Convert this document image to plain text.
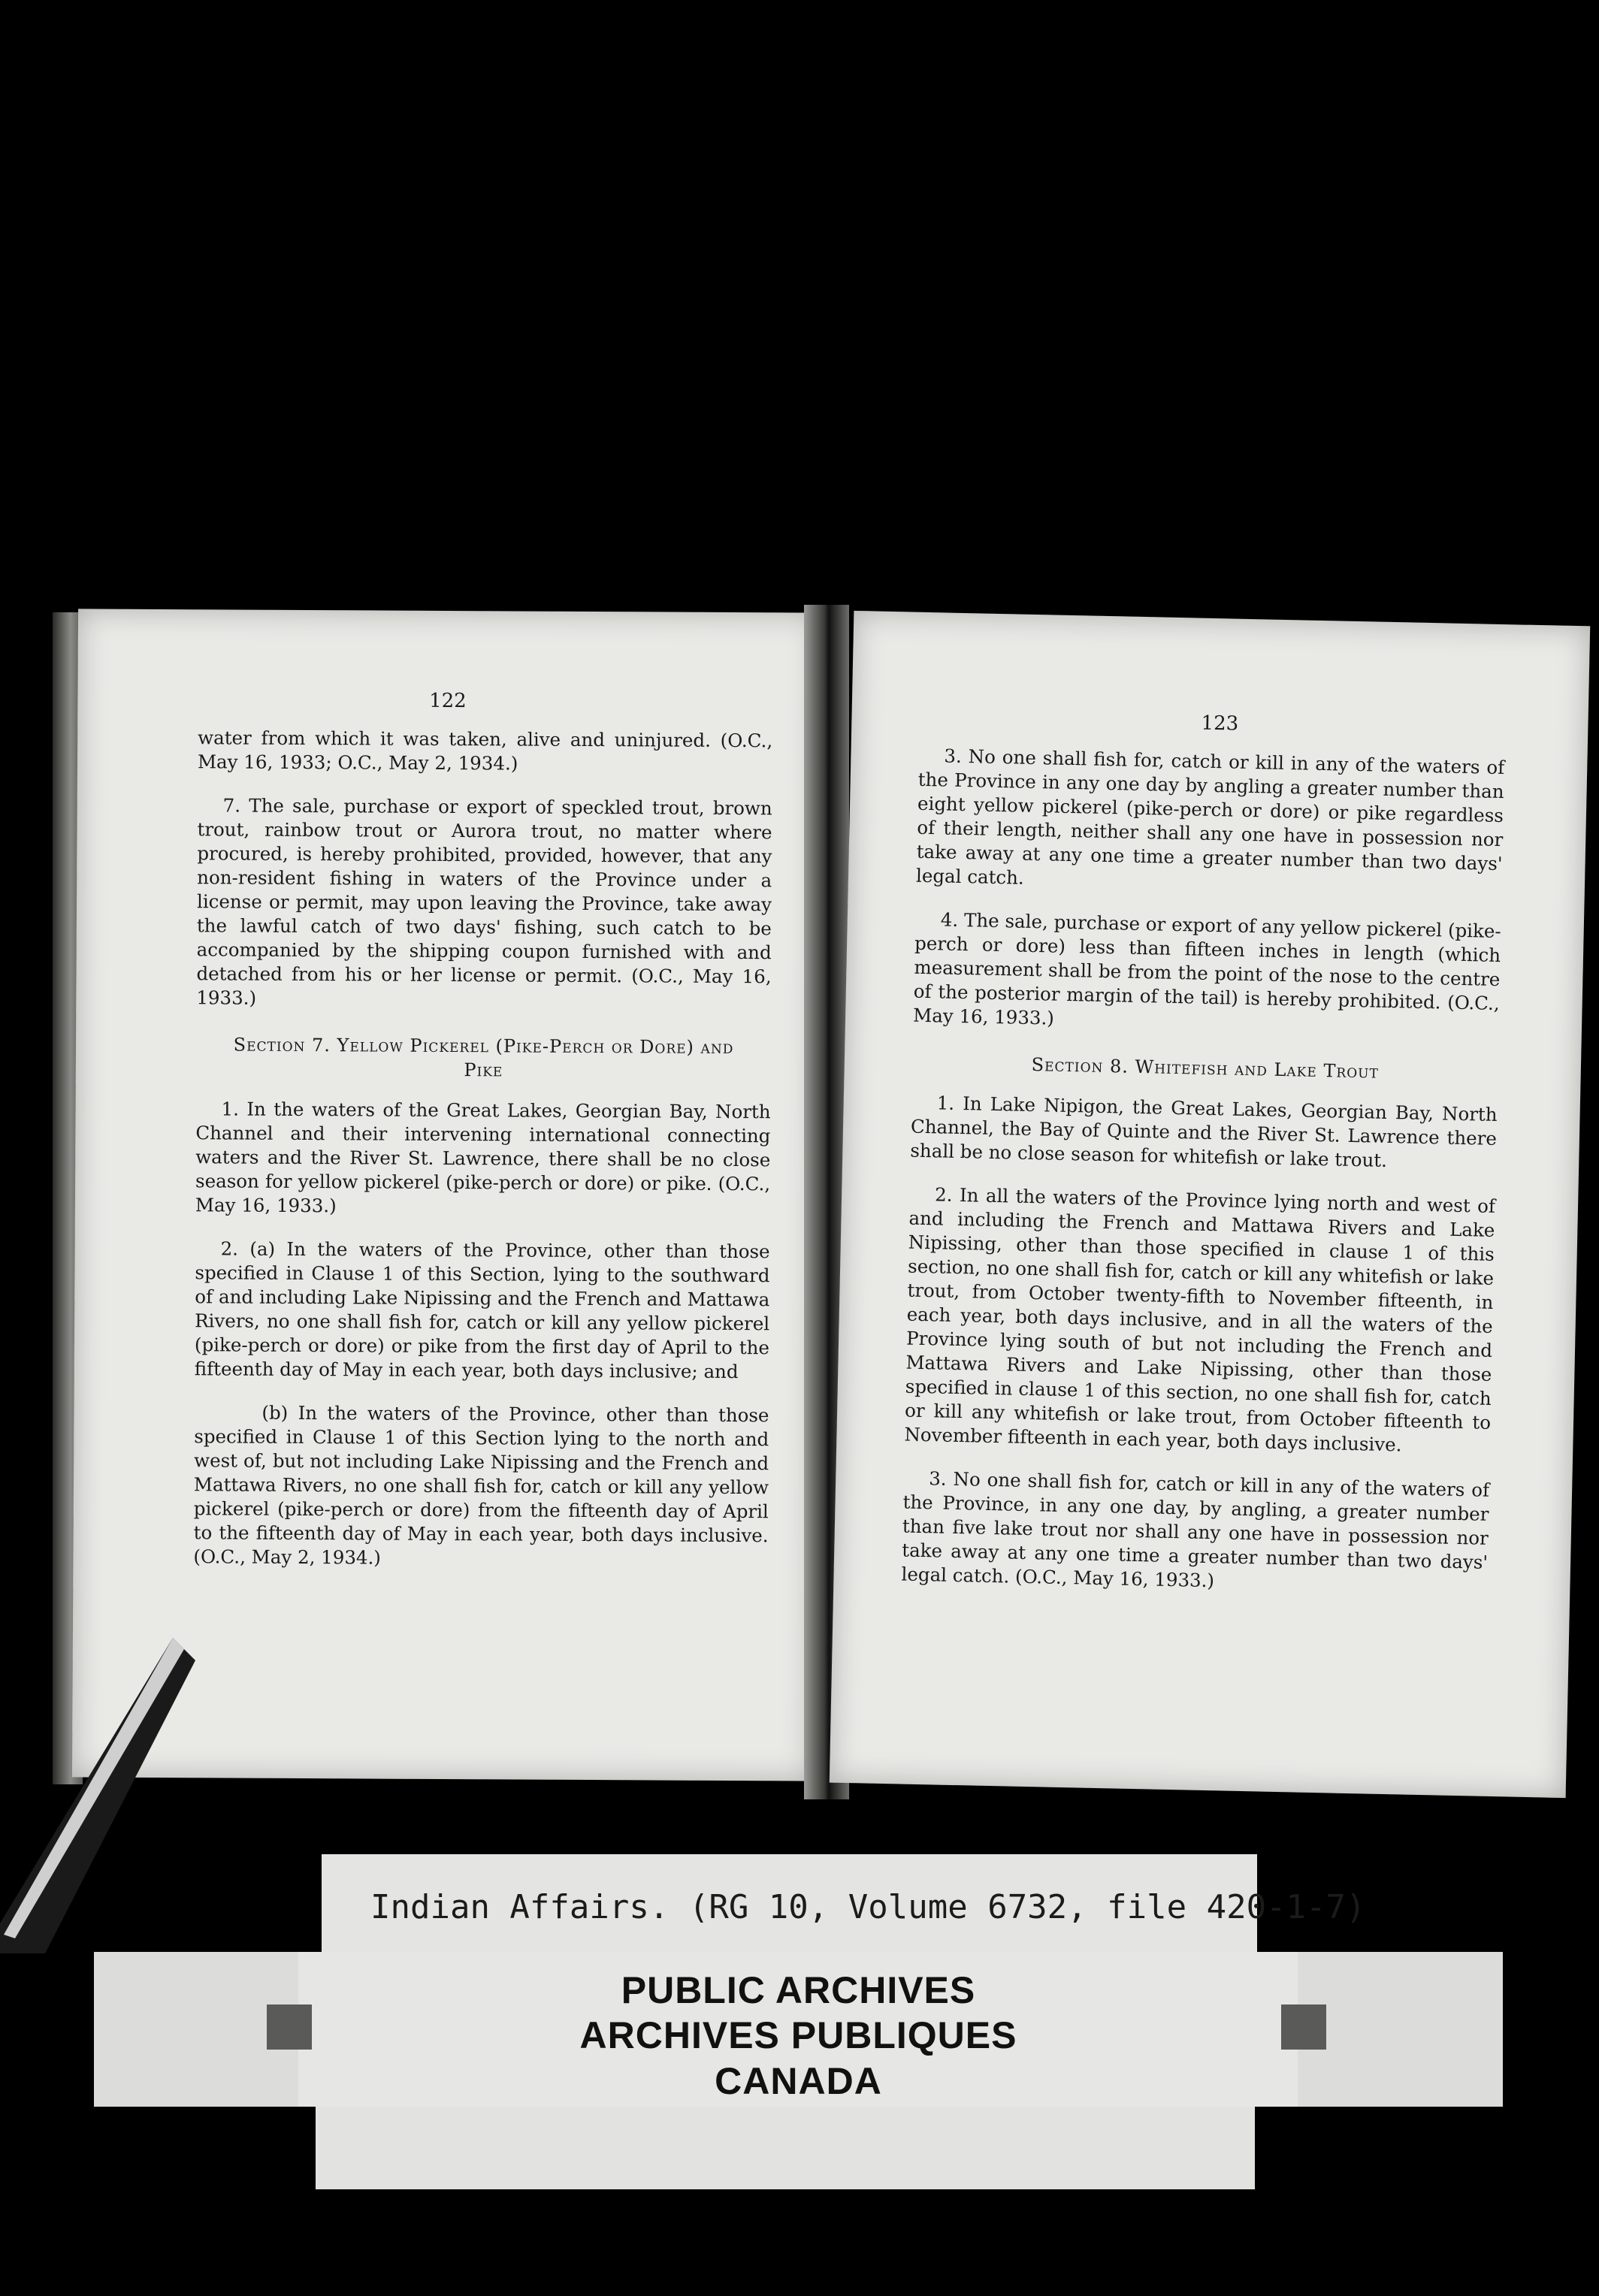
122

water from which it was taken, alive and uninjured. (O.C., May 16, 1933; O.C., May 2, 1934.)

7. The sale, purchase or export of speckled trout, brown trout, rainbow trout or Aurora trout, no matter where procured, is hereby prohibited, provided, however, that any non-resident fishing in waters of the Province under a license or permit, may upon leaving the Province, take away the lawful catch of two days' fishing, such catch to be accompanied by the shipping coupon furnished with and detached from his or her license or permit. (O.C., May 16, 1933.)

Section 7. Yellow Pickerel (Pike-Perch or Dore) and Pike

1. In the waters of the Great Lakes, Georgian Bay, North Channel and their intervening international connecting waters and the River St. Lawrence, there shall be no close season for yellow pickerel (pike-perch or dore) or pike. (O.C., May 16, 1933.)

2. (a) In the waters of the Province, other than those specified in Clause 1 of this Section, lying to the southward of and including Lake Nipissing and the French and Mattawa Rivers, no one shall fish for, catch or kill any yellow pickerel (pike-perch or dore) or pike from the first day of April to the fifteenth day of May in each year, both days inclusive; and

(b) In the waters of the Province, other than those specified in Clause 1 of this Section lying to the north and west of, but not including Lake Nipissing and the French and Mattawa Rivers, no one shall fish for, catch or kill any yellow pickerel (pike-perch or dore) from the fifteenth day of April to the fifteenth day of May in each year, both days inclusive. (O.C., May 2, 1934.)

123

3. No one shall fish for, catch or kill in any of the waters of the Province in any one day by angling a greater number than eight yellow pickerel (pike-perch or dore) or pike regardless of their length, neither shall any one have in possession nor take away at any one time a greater number than two days' legal catch.

4. The sale, purchase or export of any yellow pickerel (pike-perch or dore) less than fifteen inches in length (which measurement shall be from the point of the nose to the centre of the posterior margin of the tail) is hereby prohibited. (O.C., May 16, 1933.)

Section 8. Whitefish and Lake Trout

1. In Lake Nipigon, the Great Lakes, Georgian Bay, North Channel, the Bay of Quinte and the River St. Lawrence there shall be no close season for whitefish or lake trout.

2. In all the waters of the Province lying north and west of and including the French and Mattawa Rivers and Lake Nipissing, other than those specified in clause 1 of this section, no one shall fish for, catch or kill any whitefish or lake trout, from October twenty-fifth to November fifteenth, in each year, both days inclusive, and in all the waters of the Province lying south of but not including the French and Mattawa Rivers and Lake Nipissing, other than those specified in clause 1 of this section, no one shall fish for, catch or kill any whitefish or lake trout, from October fifteenth to November fifteenth in each year, both days inclusive.

3. No one shall fish for, catch or kill in any of the waters of the Province, in any one day, by angling, a greater number than five lake trout nor shall any one have in possession nor take away at any one time a greater number than two days' legal catch. (O.C., May 16, 1933.)

Indian Affairs. (RG 10, Volume 6732, file 420-1-7)
PUBLIC ARCHIVES
ARCHIVES PUBLIQUES
CANADA
